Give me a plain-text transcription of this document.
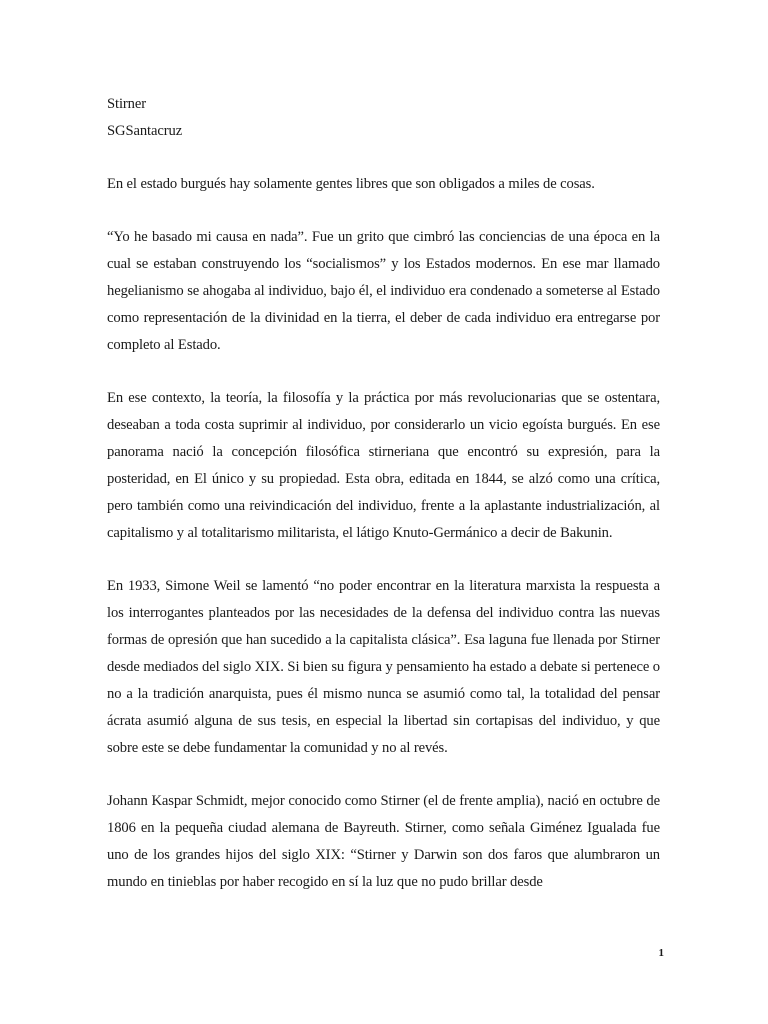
Stirner

SGSantacruz

En el estado burgués hay solamente gentes libres que son obligados a miles de cosas.

“Yo he basado mi causa en nada”. Fue un grito que cimbró las conciencias de una época en la cual se estaban construyendo los “socialismos” y los Estados modernos. En ese mar llamado hegelianismo se ahogaba al individuo, bajo él, el individuo era condenado a someterse al Estado como representación de la divinidad en la tierra, el deber de cada individuo era entregarse por completo al Estado.

En ese contexto, la teoría, la filosofía y la práctica por más revolucionarias que se ostentara, deseaban a toda costa suprimir al individuo, por considerarlo un vicio egoísta burgués. En ese panorama nació la concepción filosófica stirneriana que encontró su expresión, para la posteridad, en El único y su propiedad. Esta obra, editada en 1844, se alzó como una crítica, pero también como una reivindicación del individuo, frente a la aplastante industrialización, al capitalismo y al totalitarismo militarista, el látigo Knuto-Germánico a decir de Bakunin.

En 1933, Simone Weil se lamentó “no poder encontrar en la literatura marxista la respuesta a los interrogantes planteados por las necesidades de la defensa del individuo contra las nuevas formas de opresión que han sucedido a la capitalista clásica”. Esa laguna fue llenada por Stirner desde mediados del siglo XIX. Si bien su figura y pensamiento ha estado a debate si pertenece o no a la tradición anarquista, pues él mismo nunca se asumió como tal, la totalidad del pensar ácrata asumió alguna de sus tesis, en especial la libertad sin cortapisas del individuo, y que sobre este se debe fundamentar la comunidad y no al revés.

Johann Kaspar Schmidt, mejor conocido como Stirner (el de frente amplia), nació en octubre de 1806 en la pequeña ciudad alemana de Bayreuth. Stirner, como señala Giménez Igualada fue uno de los grandes hijos del siglo XIX: “Stirner y Darwin son dos faros que alumbraron un mundo en tinieblas por haber recogido en sí la luz que no pudo brillar desde

1
